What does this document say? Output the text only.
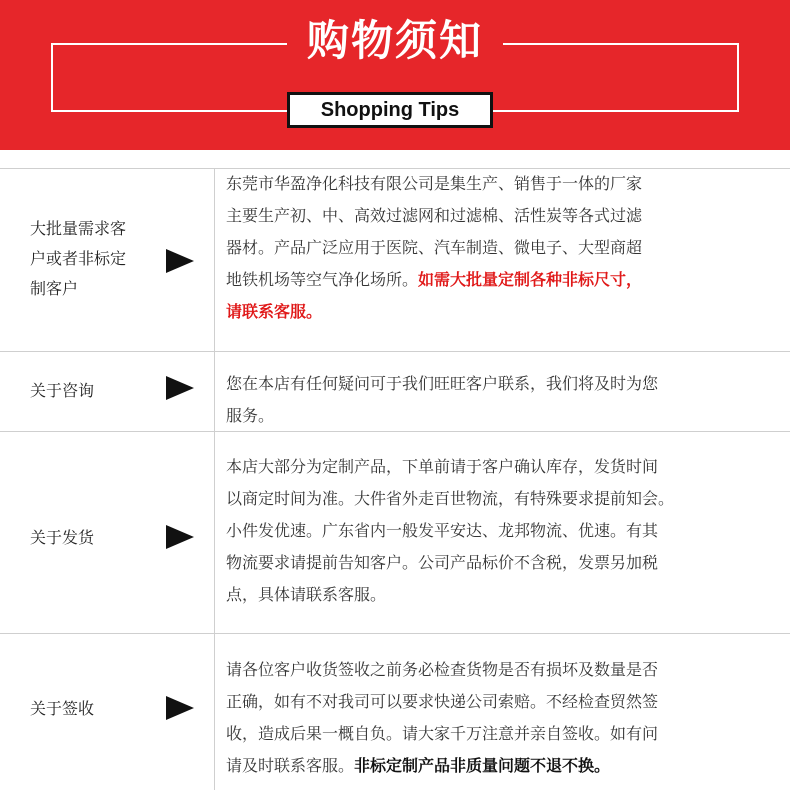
购物须知
Shopping Tips
大批量需求客
户或者非标定
制客户
东莞市华盈净化科技有限公司是集生产、销售于一体的厂家
主要生产初、中、高效过滤网和过滤棉、活性炭等各式过滤
器材。产品广泛应用于医院、汽车制造、微电子、大型商超
地铁机场等空气净化场所。如需大批量定制各种非标尺寸，
请联系客服。
关于咨询	您在本店有任何疑问可于我们旺旺客户联系，我们将及时为您
服务。
关于发货
本店大部分为定制产品，下单前请于客户确认库存，发货时间
以商定时间为准。大件省外走百世物流，有特殊要求提前知会。
小件发优速。广东省内一般发平安达、龙邦物流、优速。有其
物流要求请提前告知客户。公司产品标价不含税，发票另加税
点，具体请联系客服。
关于签收
请各位客户收货签收之前务必检查货物是否有损坏及数量是否
正确，如有不对我司可以要求快递公司索赔。不经检查贸然签
收，造成后果一概自负。请大家千万注意并亲自签收。如有问
请及时联系客服。非标定制产品非质量问题不退不换。
